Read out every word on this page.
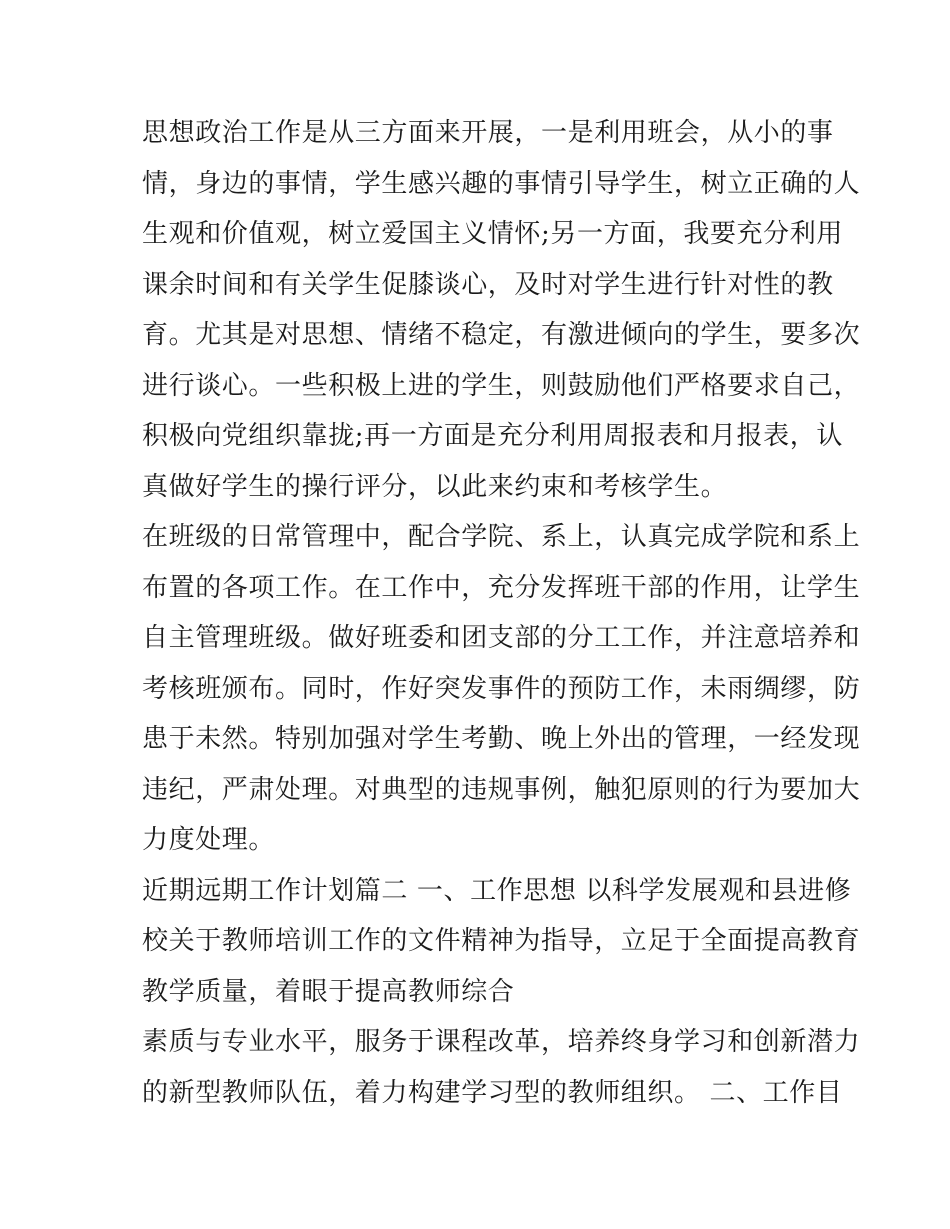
思想政治工作是从三方面来开展，一是利用班会，从小的事
情，身边的事情，学生感兴趣的事情引导学生，树立正确的人
生观和价值观，树立爱国主义情怀;另一方面，我要充分利用
课余时间和有关学生促膝谈心，及时对学生进行针对性的教
育。尤其是对思想、情绪不稳定，有激进倾向的学生，要多次
进行谈心。一些积极上进的学生，则鼓励他们严格要求自己，
积极向党组织靠拢;再一方面是充分利用周报表和月报表，认
真做好学生的操行评分，以此来约束和考核学生。
在班级的日常管理中，配合学院、系上，认真完成学院和系上
布置的各项工作。在工作中，充分发挥班干部的作用，让学生
自主管理班级。做好班委和团支部的分工工作，并注意培养和
考核班颁布。同时，作好突发事件的预防工作，未雨绸缪，防
患于未然。特别加强对学生考勤、晚上外出的管理，一经发现
违纪，严肃处理。对典型的违规事例，触犯原则的行为要加大
力度处理。
近期远期工作计划篇二 一、工作思想 以科学发展观和县进修
校关于教师培训工作的文件精神为指导，立足于全面提高教育
教学质量，着眼于提高教师综合
素质与专业水平，服务于课程改革，培养终身学习和创新潜力
的新型教师队伍，着力构建学习型的教师组织。 二、工作目
